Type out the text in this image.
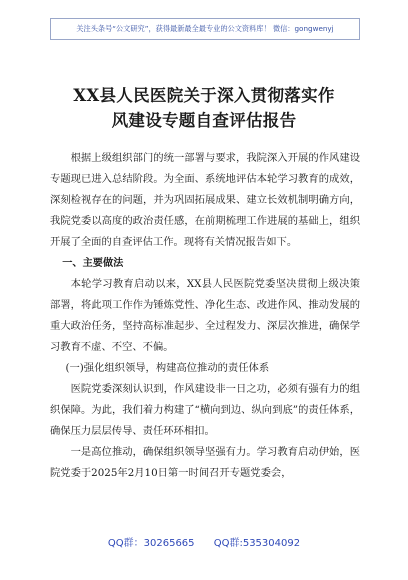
关注头条号“公文研究”，获得最新最全最专业的公文资料库！ 微信：gongwenyj
XX县人民医院关于深入贯彻落实作
风建设专题自查评估报告

根据上级组织部门的统一部署与要求，我院深入开展的作风建设专题现已进入总结阶段。为全面、系统地评估本轮学习教育的成效，深刻检视存在的问题，并为巩固拓展成果、建立长效机制明确方向，我院党委以高度的政治责任感，在前期梳理工作进展的基础上，组织开展了全面的自查评估工作。现将有关情况报告如下。

一、主要做法

本轮学习教育启动以来，XX县人民医院党委坚决贯彻上级决策部署，将此项工作作为锤炼党性、净化生态、改进作风、推动发展的重大政治任务，坚持高标准起步、全过程发力、深层次推进，确保学习教育不虚、不空、不偏。

(一)强化组织领导，构建高位推动的责任体系

医院党委深刻认识到，作风建设非一日之功，必须有强有力的组织保障。为此，我们着力构建了“横向到边、纵向到底”的责任体系，确保压力层层传导、责任环环相扣。

一是高位推动，确保组织领导坚强有力。学习教育启动伊始，医院党委于2025年2月10日第一时间召开专题党委会，

QQ群：30265665 QQ群:535304092
